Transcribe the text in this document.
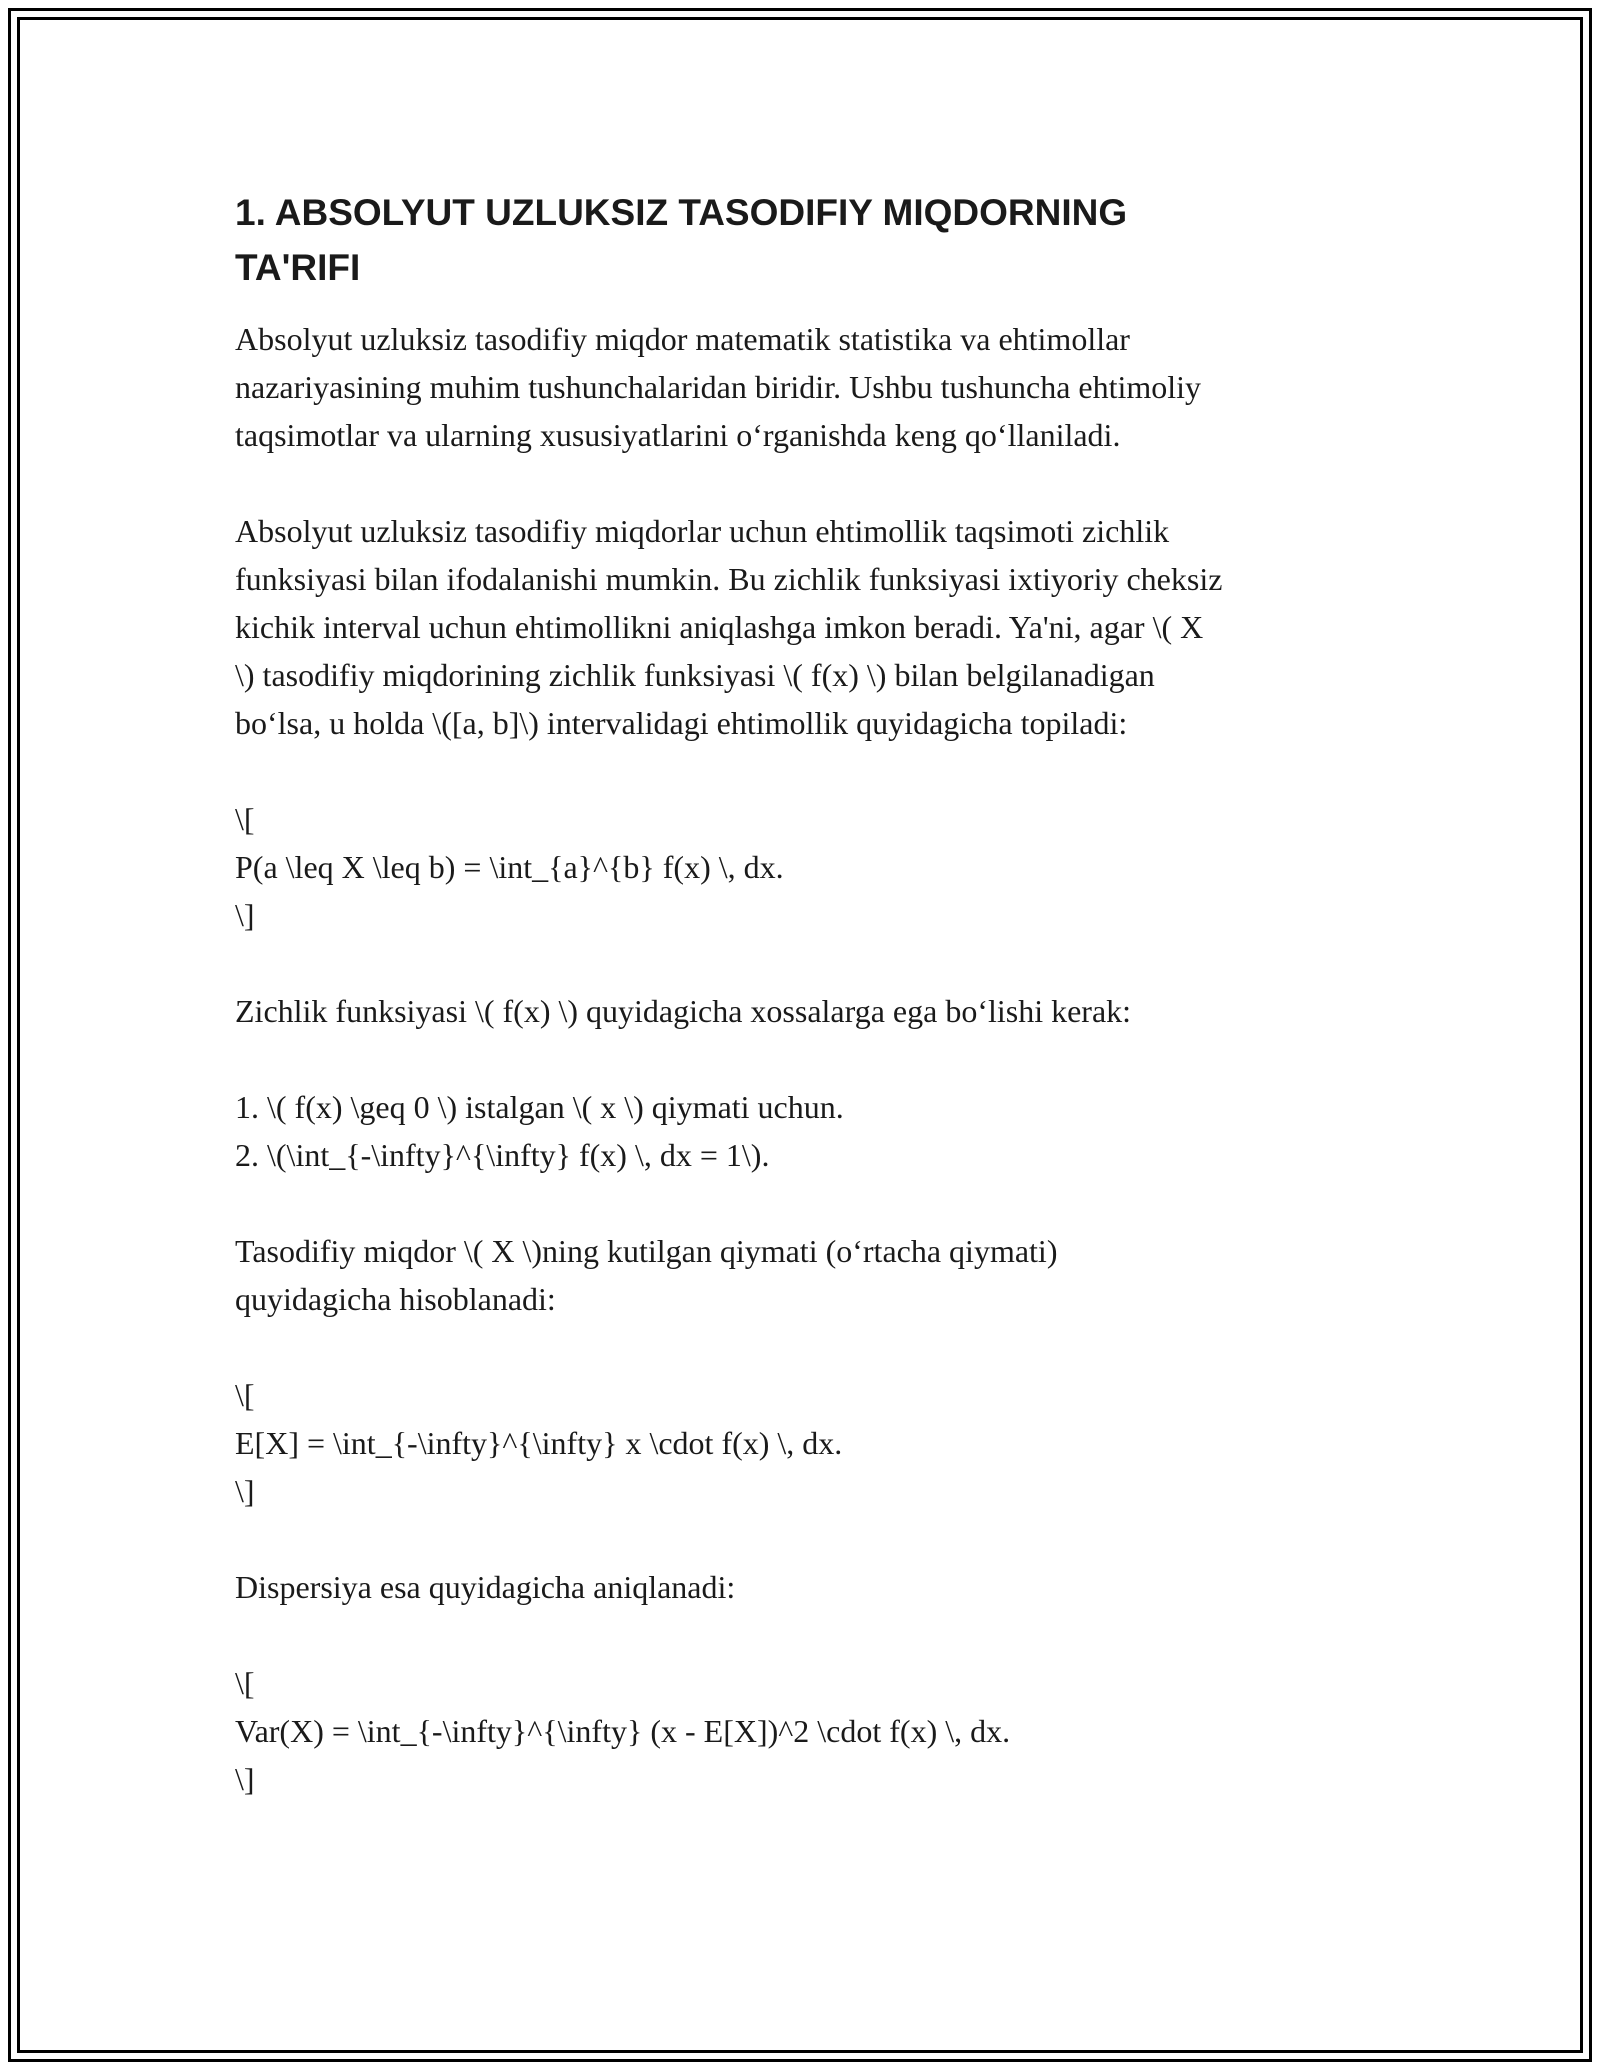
1. ABSOLYUT UZLUKSIZ TASODIFIY MIQDORNING
TA'RIFI
Absolyut uzluksiz tasodifiy miqdor matematik statistika va ehtimollar
nazariyasining muhim tushunchalaridan biridir. Ushbu tushuncha ehtimoliy
taqsimotlar va ularning xususiyatlarini o‘rganishda keng qo‘llaniladi.
Absolyut uzluksiz tasodifiy miqdorlar uchun ehtimollik taqsimoti zichlik
funksiyasi bilan ifodalanishi mumkin. Bu zichlik funksiyasi ixtiyoriy cheksiz
kichik interval uchun ehtimollikni aniqlashga imkon beradi. Ya'ni, agar \( X
\) tasodifiy miqdorining zichlik funksiyasi \( f(x) \) bilan belgilanadigan
bo‘lsa, u holda \([a, b]\) intervalidagi ehtimollik quyidagicha topiladi:
\[
P(a \leq X \leq b) = \int_{a}^{b} f(x) \, dx.
\]
Zichlik funksiyasi \( f(x) \) quyidagicha xossalarga ega bo‘lishi kerak:
1. \( f(x) \geq 0 \) istalgan \( x \) qiymati uchun.
2. \(\int_{-\infty}^{\infty} f(x) \, dx = 1\).
Tasodifiy miqdor \( X \)ning kutilgan qiymati (o‘rtacha qiymati)
quyidagicha hisoblanadi:
\[
E[X] = \int_{-\infty}^{\infty} x \cdot f(x) \, dx.
\]
Dispersiya esa quyidagicha aniqlanadi:
\[
Var(X) = \int_{-\infty}^{\infty} (x - E[X])^2 \cdot f(x) \, dx.
\]
